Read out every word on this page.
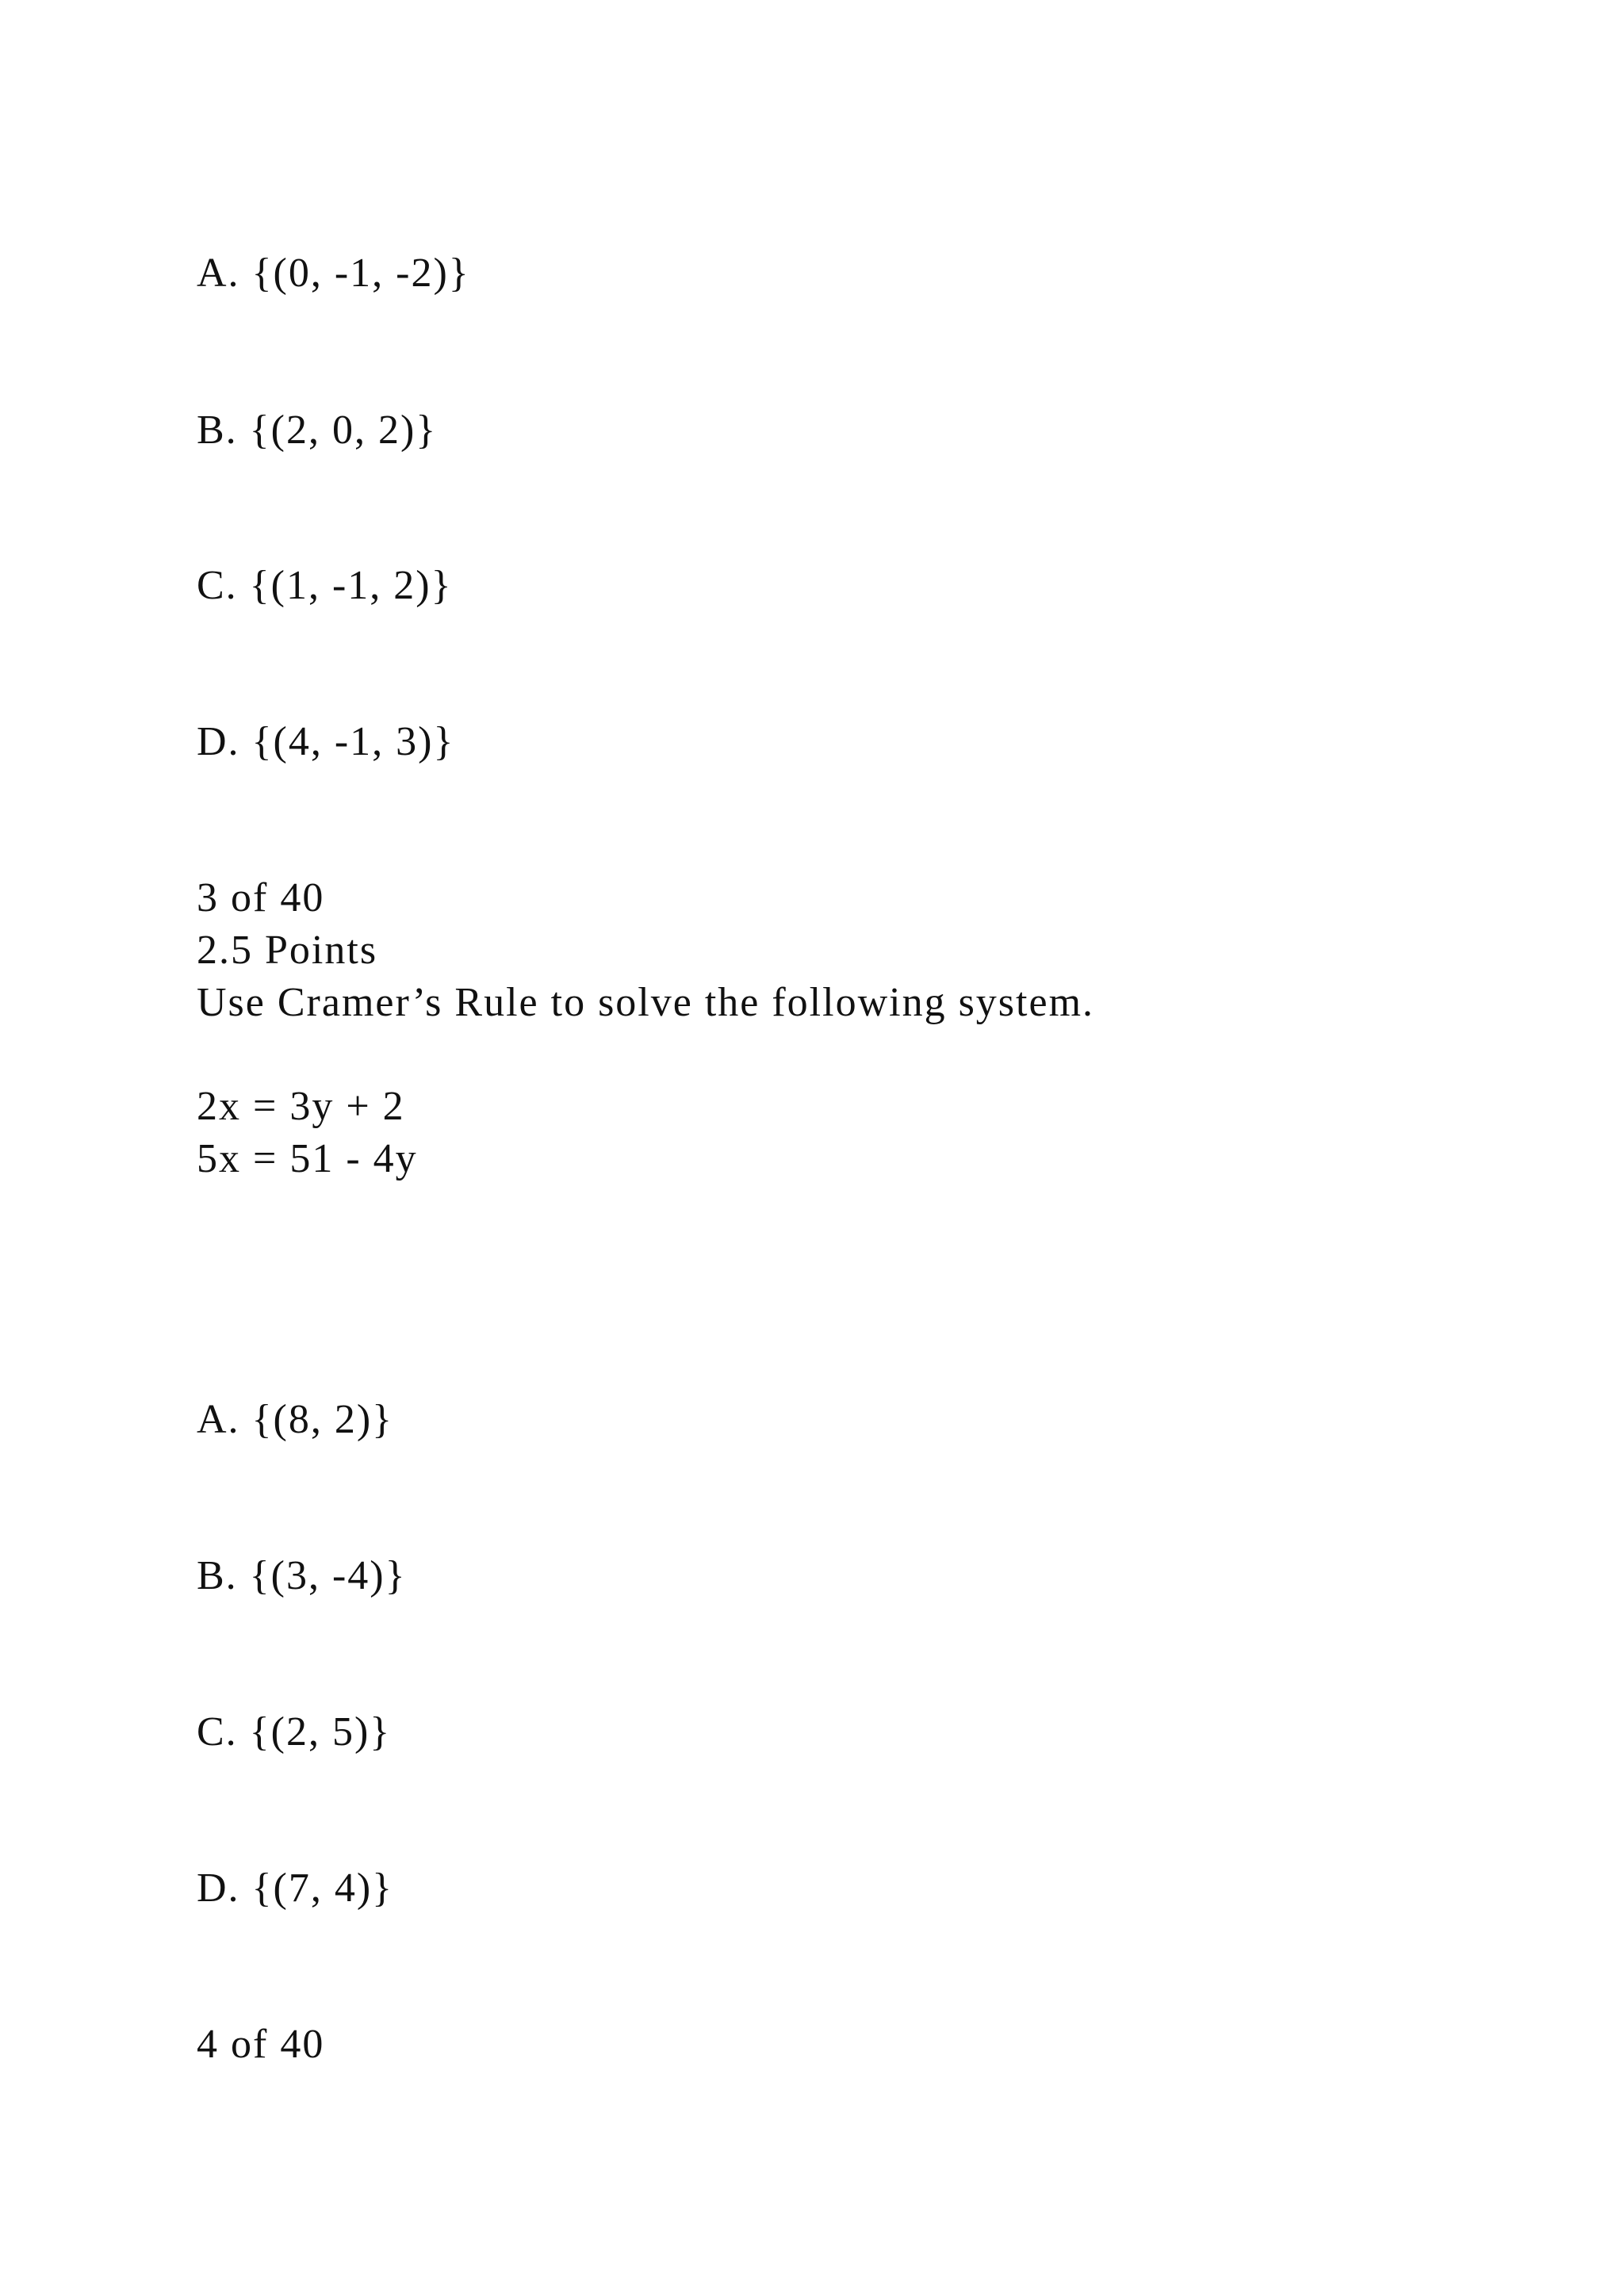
A. {(0, -1, -2)}

B. {(2, 0, 2)}

C. {(1, -1, 2)}

D. {(4, -1, 3)}

3 of 40

2.5 Points

Use Cramer’s Rule to solve the following system.

2x = 3y + 2

5x = 51 - 4y

A. {(8, 2)}

B. {(3, -4)}

C. {(2, 5)}

D. {(7, 4)}

4 of 40
